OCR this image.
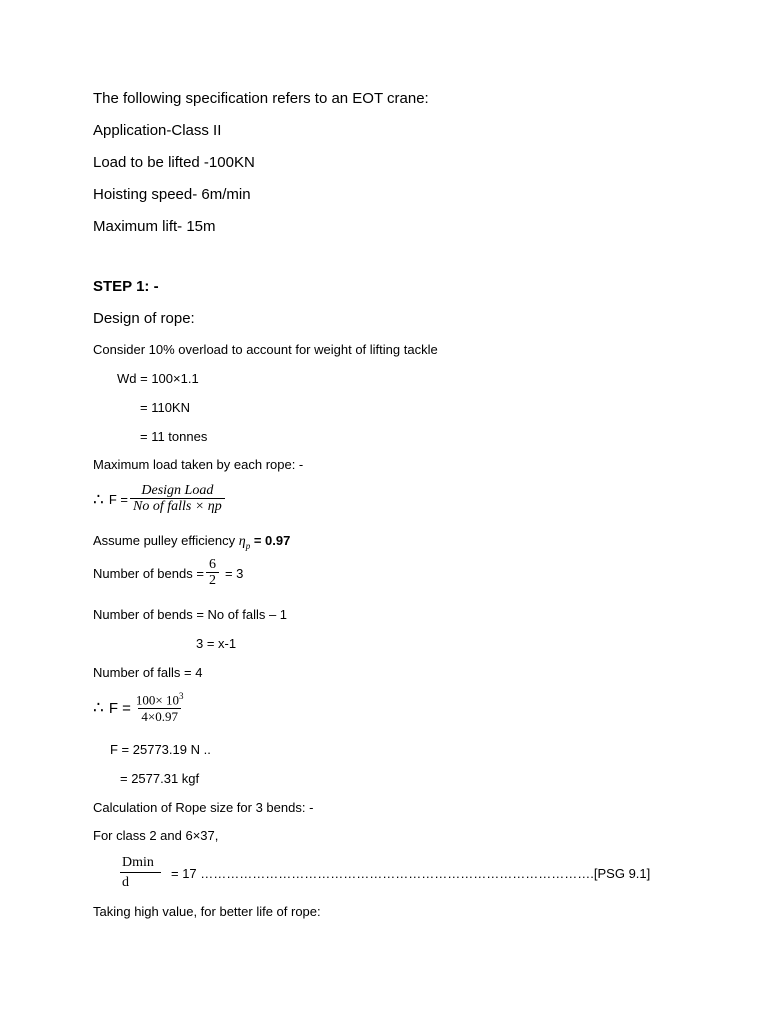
The following specification refers to an EOT crane:
Application-Class II
Load to be lifted -100KN
Hoisting speed- 6m/min
Maximum lift- 15m
STEP 1: -
Design of rope:
Consider 10% overload to account for weight of lifting tackle
Wd = 100×1.1
= 110KN
= 11 tonnes
Maximum load taken by each rope: -
∴ $F = \frac{\text{Design Load}}{\text{No of falls × ηp}}$
Assume pulley efficiency $\eta_p = 0.97$
Number of bends = $\frac{6}{2} = 3$
Number of bends = No of falls – 1
3 = x-1
Number of falls = 4
∴ $F = \frac{100\times 10^3}{4\times 0.97}$
F = 25773.19 N ..
= 2577.31 kgf
Calculation of Rope size for 3 bends: -
For class 2 and 6×37,
$\frac{Dmin}{d} = 17$ ……………………………………………………………………………….[PSG 9.1]
Taking high value, for better life of rope:
